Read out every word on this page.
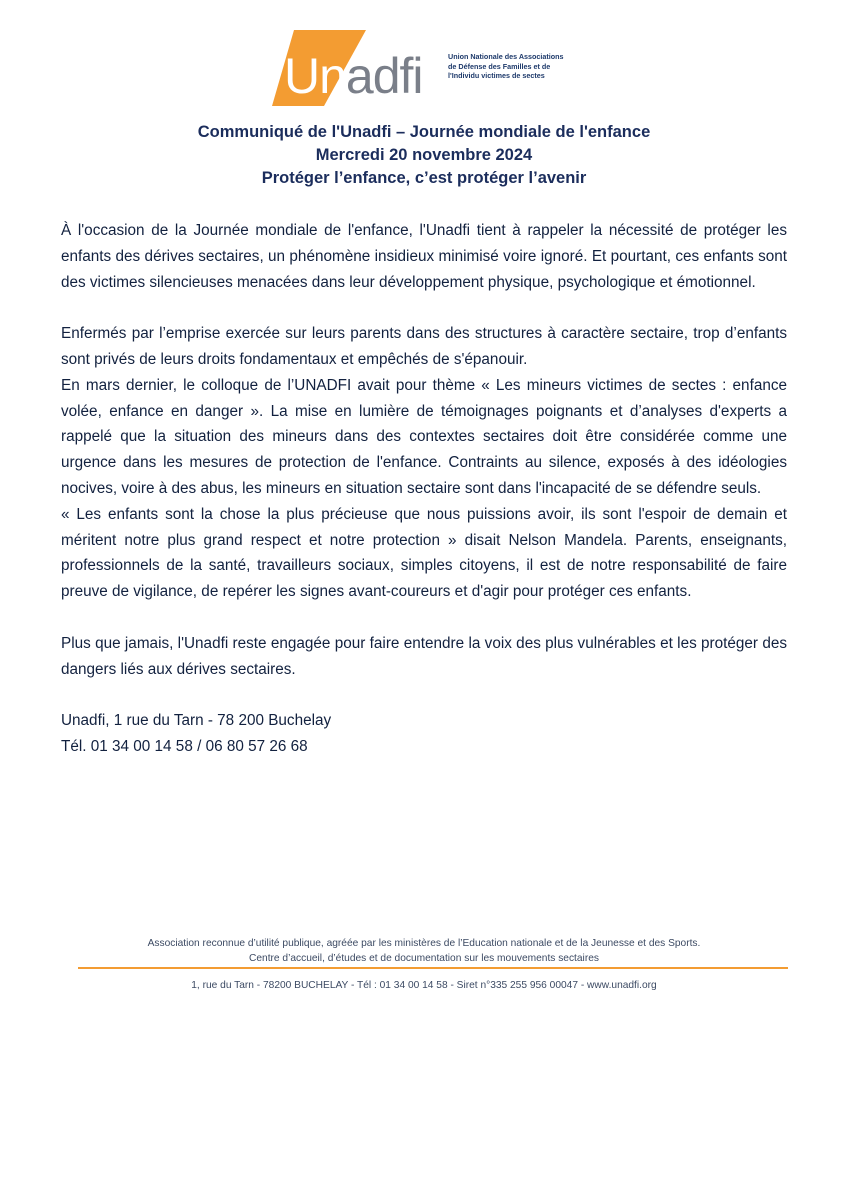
Unadfi	Union Nationale des Associations
de Défense des Familles et de
l'Individu victimes de sectes
Communiqué de l'Unadfi – Journée mondiale de l'enfance
Mercredi 20 novembre 2024
Protéger l’enfance, c’est protéger l’avenir

À l'occasion de la Journée mondiale de l'enfance, l'Unadfi tient à rappeler la nécessité de protéger les enfants des dérives sectaires, un phénomène insidieux minimisé voire ignoré. Et pourtant, ces enfants sont des victimes silencieuses menacées dans leur développement physique, psychologique et émotionnel.

Enfermés par l’emprise exercée sur leurs parents dans des structures à caractère sectaire, trop d’enfants sont privés de leurs droits fondamentaux et empêchés de s'épanouir.

En mars dernier, le colloque de l’UNADFI avait pour thème « Les mineurs victimes de sectes : enfance volée, enfance en danger ». La mise en lumière de témoignages poignants et d’analyses d'experts a rappelé que la situation des mineurs dans des contextes sectaires doit être considérée comme une urgence dans les mesures de protection de l'enfance. Contraints au silence, exposés à des idéologies nocives, voire à des abus, les mineurs en situation sectaire sont dans l'incapacité de se défendre seuls.

« Les enfants sont la chose la plus précieuse que nous puissions avoir, ils sont l'espoir de demain et méritent notre plus grand respect et notre protection » disait Nelson Mandela. Parents, enseignants, professionnels de la santé, travailleurs sociaux, simples citoyens, il est de notre responsabilité de faire preuve de vigilance, de repérer les signes avant-coureurs et d'agir pour protéger ces enfants.

Plus que jamais, l'Unadfi reste engagée pour faire entendre la voix des plus vulnérables et les protéger des dangers liés aux dérives sectaires.

Unadfi, 1 rue du Tarn - 78 200 Buchelay
Tél. 01 34 00 14 58 / 06 80 57 26 68

Association reconnue d’utilité publique, agréée par les ministères de l’Education nationale et de la Jeunesse et des Sports.
Centre d’accueil, d’études et de documentation sur les mouvements sectaires
1, rue du Tarn - 78200 BUCHELAY - Tél : 01 34 00 14 58 - Siret n°335 255 956 00047 - www.unadfi.org
